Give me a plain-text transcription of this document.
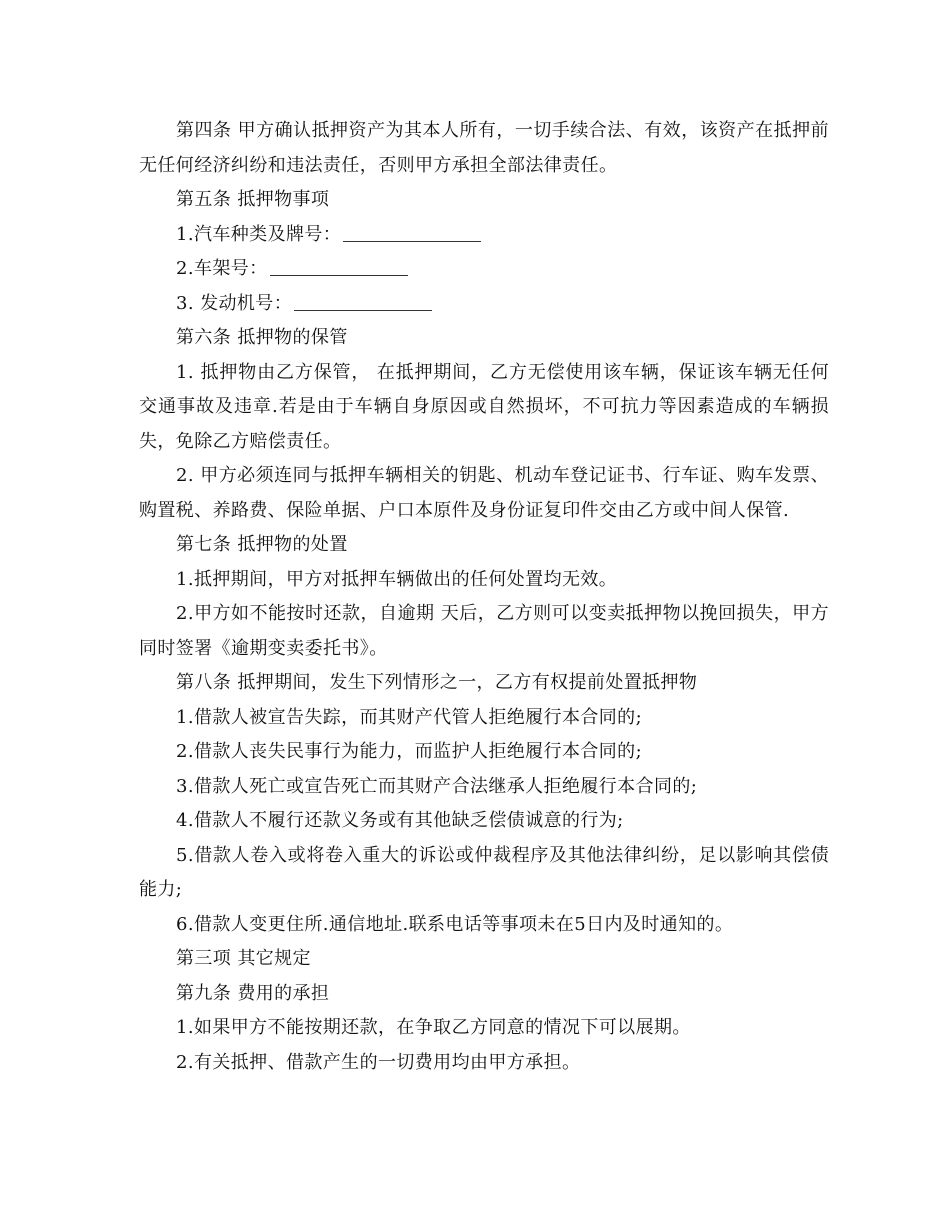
第四条 甲方确认抵押资产为其本人所有，一切手续合法、有效，该资产在抵押前无任何经济纠纷和违法责任，否则甲方承担全部法律责任。

第五条 抵押物事项

1.汽车种类及牌号：

2.车架号：

3. 发动机号：

第六条 抵押物的保管

1. 抵押物由乙方保管， 在抵押期间，乙方无偿使用该车辆，保证该车辆无任何交通事故及违章.若是由于车辆自身原因或自然损坏，不可抗力等因素造成的车辆损失，免除乙方赔偿责任。

2. 甲方必须连同与抵押车辆相关的钥匙、机动车登记证书、行车证、购车发票、购置税、养路费、保险单据、户口本原件及身份证复印件交由乙方或中间人保管.

第七条 抵押物的处置

1.抵押期间，甲方对抵押车辆做出的任何处置均无效。

2.甲方如不能按时还款，自逾期 天后，乙方则可以变卖抵押物以挽回损失，甲方同时签署《逾期变卖委托书》。

第八条 抵押期间，发生下列情形之一，乙方有权提前处置抵押物

1.借款人被宣告失踪，而其财产代管人拒绝履行本合同的;

2.借款人丧失民事行为能力，而监护人拒绝履行本合同的;

3.借款人死亡或宣告死亡而其财产合法继承人拒绝履行本合同的;

4.借款人不履行还款义务或有其他缺乏偿债诚意的行为;

5.借款人卷入或将卷入重大的诉讼或仲裁程序及其他法律纠纷，足以影响其偿债能力;

6.借款人变更住所.通信地址.联系电话等事项未在5日内及时通知的。

第三项 其它规定

第九条 费用的承担

1.如果甲方不能按期还款，在争取乙方同意的情况下可以展期。

2.有关抵押、借款产生的一切费用均由甲方承担。
